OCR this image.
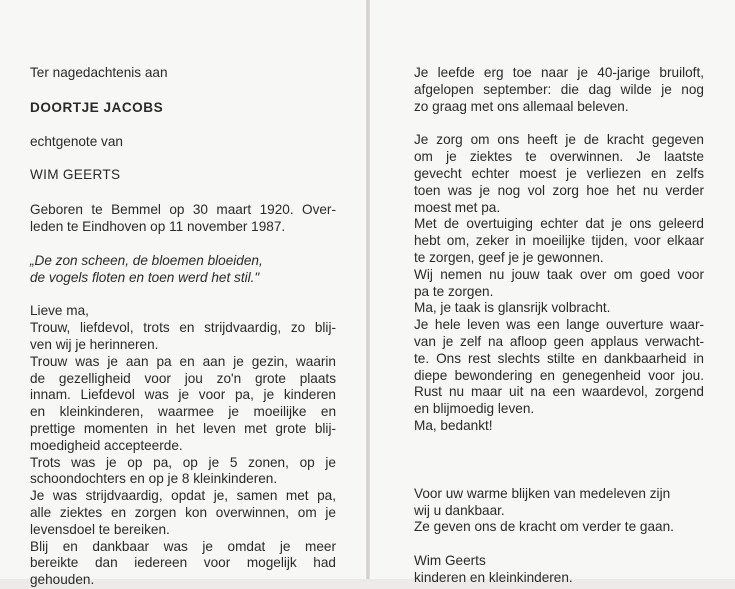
Ter nagedachtenis aan

DOORTJE JACOBS

echtgenote van

WIM GEERTS

Geboren te Bemmel op 30 maart 1920. Over-
leden te Eindhoven op 11 november 1987.

„De zon scheen, de bloemen bloeiden,
de vogels floten en toen werd het stil."

Lieve ma,
Trouw, liefdevol, trots en strijdvaardig, zo blij-
ven wij je herinneren.
Trouw was je aan pa en aan je gezin, waarin
de gezelligheid voor jou zo'n grote plaats
innam. Liefdevol was je voor pa, je kinderen
en kleinkinderen, waarmee je moeilijke en
prettige momenten in het leven met grote blij-
moedigheid accepteerde.
Trots was je op pa, op je 5 zonen, op je
schoondochters en op je 8 kleinkinderen.
Je was strijdvaardig, opdat je, samen met pa,
alle ziektes en zorgen kon overwinnen, om je
levensdoel te bereiken.
Blij en dankbaar was je omdat je meer
bereikte dan iedereen voor mogelijk had
gehouden.

Je leefde erg toe naar je 40-jarige bruiloft,
afgelopen september: die dag wilde je nog
zo graag met ons allemaal beleven.

Je zorg om ons heeft je de kracht gegeven
om je ziektes te overwinnen. Je laatste
gevecht echter moest je verliezen en zelfs
toen was je nog vol zorg hoe het nu verder
moest met pa.
Met de overtuiging echter dat je ons geleerd
hebt om, zeker in moeilijke tijden, voor elkaar
te zorgen, geef je je gewonnen.
Wij nemen nu jouw taak over om goed voor
pa te zorgen.
Ma, je taak is glansrijk volbracht.
Je hele leven was een lange ouverture waar-
van je zelf na afloop geen applaus verwacht-
te. Ons rest slechts stilte en dankbaarheid in
diepe bewondering en genegenheid voor jou.
Rust nu maar uit na een waardevol, zorgend
en blijmoedig leven.
Ma, bedankt!

Voor uw warme blijken van medeleven zijn
wij u dankbaar.
Ze geven ons de kracht om verder te gaan.

Wim Geerts
kinderen en kleinkinderen.
